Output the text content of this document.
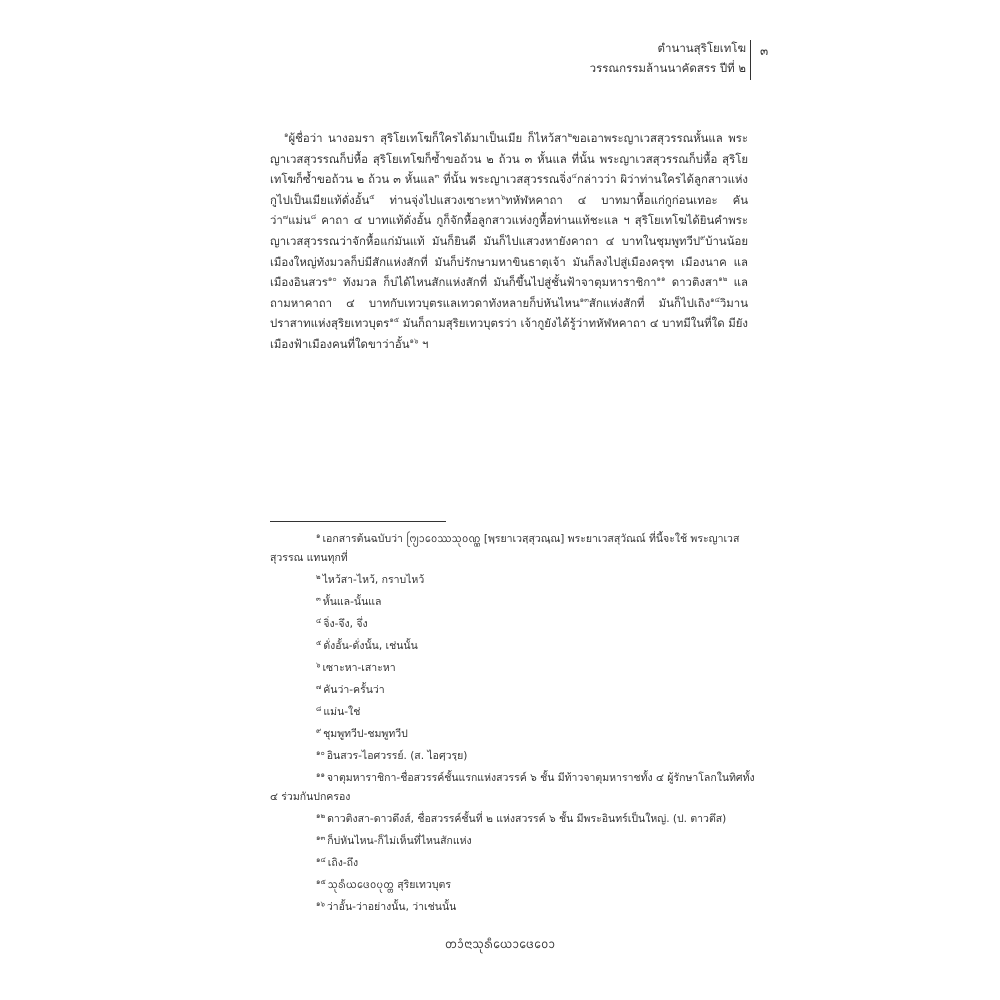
ตำนานสุริโยเทโฆ
วรรณกรรมล้านนาคัดสรร ปีที่ ๒
๓

$^๑$ผู้ชื่อว่า นางอมรา สุริโยเทโฆก็ใครได้มาเป็นเมีย ก็ไหว้สา$^๒$ขอเอาพระญาเวสสุวรรณหั้นแล พระญาเวสสุวรรณก็บ่หื้อ สุริโยเทโฆก็ซ้ำขอถ้วน ๒ ถ้วน ๓ หั้นแล ที่นั้น พระญาเวสสุวรรณก็บ่หื้อ สุริโยเทโฆก็ซ้ำขอถ้วน ๒ ถ้วน ๓ หั้นแล$^๓$ ที่นั้น พระญาเวสสุวรรณจิ่ง$^๔$กล่าวว่า ผิว่าท่านใครได้ลูกสาวแห่งกูไปเป็นเมียแท้ดั่งอั้น$^๕$ ท่านจุ่งไปแสวงเซาะหา$^๖$ทหัฬหคาถา ๔ บาทมาหื้อแก่กูก่อนเทอะ คันว่า$^๗$แม่น$^๘$ คาถา ๔ บาทแท้ดั่งอั้น กูก็จักหื้อลูกสาวแห่งกูหื้อท่านแท้ชะแล ฯ สุริโยเทโฆได้ยินคำพระญาเวสสุวรรณว่าจักหื้อแก่มันแท้ มันก็ยินดี มันก็ไปแสวงหายังคาถา ๔ บาทในชุมพูทวีป$^๙$บ้านน้อยเมืองใหญ่ทังมวลก็บ่มีสักแห่งสักที่ มันก็บ่รักษามหาขินธาตุเจ้า มันก็ลงไปสู่เมืองครุฑ เมืองนาค แลเมืองอินสวร$^{๑๐}$ ทังมวล ก็บ่ได้ไหนสักแห่งสักที่ มันก็ขึ้นไปสู่ชั้นฟ้าจาตุมหาราชิกา$^{๑๑}$ ดาวติงสา$^{๑๒}$ แลถามหาคาถา ๔ บาทกับเทวบุตรแลเทวดาทังหลายก็บ่หันไหน$^{๑๓}$สักแห่งสักที่ มันก็ไปเถิง$^{๑๔}$วิมานปราสาทแห่งสุริยเทวบุตร$^{๑๕}$ มันก็ถามสุริยเทวบุตรว่า เจ้ากูยังได้รู้ว่าทหัฬหคาถา ๔ บาทมีในที่ใด มียังเมืองฟ้าเมืองคนที่ใดขาว่าอั้น$^{๑๖}$ ฯ

$^๑$ เอกสารต้นฉบับว่า ᨻᩕ᩠ᨿᩣᩅᩮᩔᩈᩩᩅᨱ᩠ᨱ [พฺรยาเวสฺสุวณฺณ] พระยาเวสสุวัณณ์ ที่นี้จะใช้ พระญาเวสสุวรรณ แทนทุกที่

$^๒$ ไหว้สา-ไหว้, กราบไหว้

$^๓$ หั้นแล-นั้นแล

$^๔$ จิ่ง-จึง, จึ่ง

$^๕$ ดั่งอั้น-ดั่งนั้น, เช่นนั้น

$^๖$ เซาะหา-เสาะหา

$^๗$ คันว่า-ครั้นว่า

$^๘$ แม่น-ใช่

$^๙$ ชุมพูทวีป-ชมพูทวีป

$^{๑๐}$ อินสวร-ไอศวรรย์. (ส. ไอศฺวรฺย)

$^{๑๑}$ จาตุมหาราชิกา-ชื่อสวรรค์ชั้นแรกแห่งสวรรค์ ๖ ชั้น มีท้าวจาตุมหาราชทั้ง ๔ ผู้รักษาโลกในทิศทั้ง ๔ ร่วมกันปกครอง

$^{๑๒}$ ดาวติงสา-ดาวดึงส์, ชื่อสวรรค์ชั้นที่ ๒ แห่งสวรรค์ ๖ ชั้น มีพระอินทร์เป็นใหญ่. (ป. ตาวตึส)

$^{๑๓}$ ก็บ่หันไหน-ก็ไม่เห็นที่ไหนสักแห่ง

$^{๑๔}$ เถิง-ถึง

$^{๑๕}$ ᩈᩩᩁᩥᨿᨴᩮᩅᨷᩩᨲ᩠ᨲ สุริยเทวบุตร

$^{๑๖}$ ว่าอั้น-ว่าอย่างนั้น, ว่าเช่นนั้น

ᨲᩴᩣᨶᩣᩈᩩᩁᩥᨿᩮᩣᨴᩮᩅᩮᩣ
